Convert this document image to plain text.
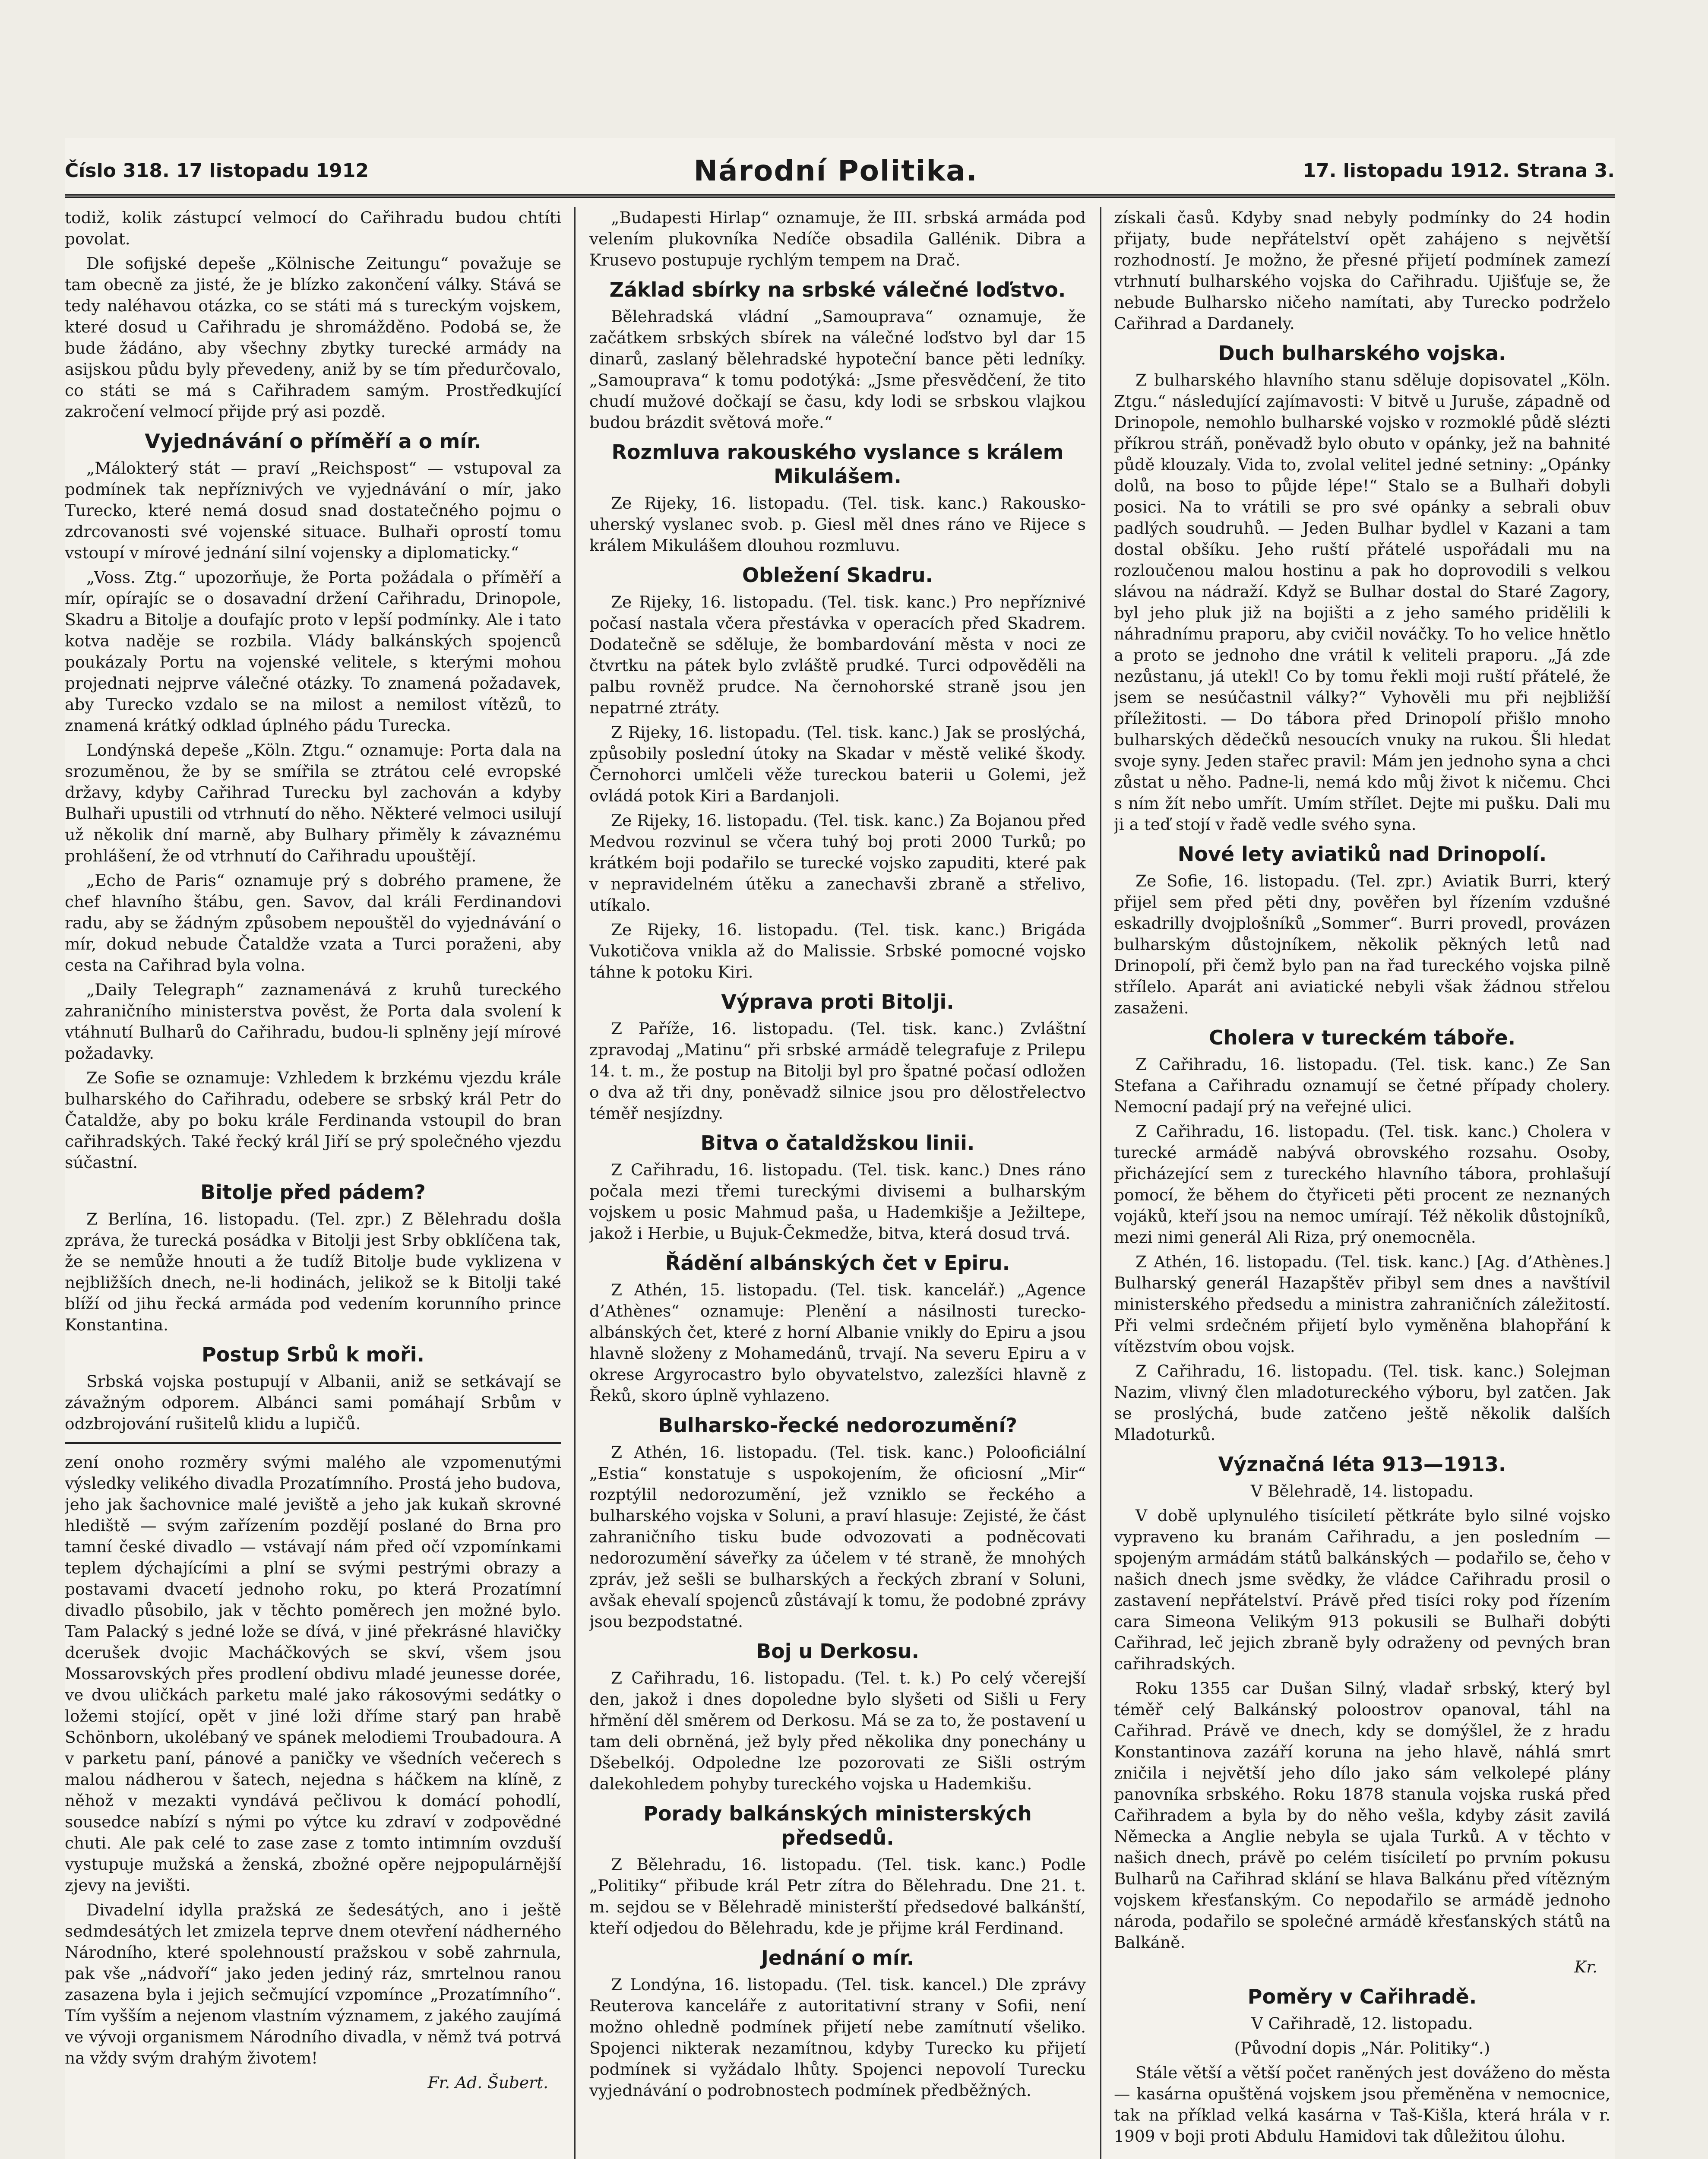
Číslo 318. 17 listopadu 1912	Národní Politika.	17. listopadu 1912. Strana 3.

todiž, kolik zástupcí velmocí do Cařihradu budou chtíti povolat.

Dle sofijské depeše „Kölnische Zeitungu“ považuje se tam obecně za jisté, že je blízko zakončení války. Stává se tedy naléhavou otázka, co se státi má s tureckým vojskem, které dosud u Cařihradu je shromážděno. Podobá se, že bude žádáno, aby všechny zbytky turecké armády na asijskou půdu byly převedeny, aniž by se tím předurčovalo, co státi se má s Cařihradem samým. Prostředkující zakročení velmocí přijde prý asi pozdě.

Vyjednávání o příměří a o mír.

„Málokterý stát — praví „Reichspost“ — vstupoval za podmínek tak nepříznivých ve vyjednávání o mír, jako Turecko, které nemá dosud snad dostatečného pojmu o zdrcovanosti své vojenské situace. Bulhaři oprostí tomu vstoupí v mírové jednání silní vojensky a diplomaticky.“

„Voss. Ztg.“ upozorňuje, že Porta požádala o příměří a mír, opírajíc se o dosavadní držení Cařihradu, Drinopole, Skadru a Bitolje a doufajíc proto v lepší podmínky. Ale i tato kotva naděje se rozbila. Vlády balkánských spojenců poukázaly Portu na vojenské velitele, s kterými mohou projednati nejprve válečné otázky. To znamená požadavek, aby Turecko vzdalo se na milost a nemilost vítězů, to znamená krátký odklad úplného pádu Turecka.

Londýnská depeše „Köln. Ztgu.“ oznamuje: Porta dala na srozuměnou, že by se smířila se ztrátou celé evropské državy, kdyby Cařihrad Turecku byl zachován a kdyby Bulhaři upustili od vtrhnutí do něho. Některé velmoci usilují už několik dní marně, aby Bulhary přiměly k závaznému prohlášení, že od vtrhnutí do Cařihradu upouštějí.

„Echo de Paris“ oznamuje prý s dobrého pramene, že chef hlavního štábu, gen. Savov, dal králi Ferdinandovi radu, aby se žádným způsobem nepouštěl do vyjednávání o mír, dokud nebude Čataldže vzata a Turci poraženi, aby cesta na Cařihrad byla volna.

„Daily Telegraph“ zaznamenává z kruhů tureckého zahraničního ministerstva pověst, že Porta dala svolení k vtáhnutí Bulharů do Cařihradu, budou-li splněny její mírové požadavky.

Ze Sofie se oznamuje: Vzhledem k brzkému vjezdu krále bulharského do Cařihradu, odebere se srbský král Petr do Čataldže, aby po boku krále Ferdinanda vstoupil do bran cařihradských. Také řecký král Jiří se prý společného vjezdu súčastní.

Bitolje před pádem?

Z Berlína, 16. listopadu. (Tel. zpr.) Z Bělehradu došla zpráva, že turecká posádka v Bitolji jest Srby obklíčena tak, že se nemůže hnouti a že tudíž Bitolje bude vyklizena v nejbližších dnech, ne-li hodinách, jelikož se k Bitolji také blíží od jihu řecká armáda pod vedením korunního prince Konstantina.

Postup Srbů k moři.

Srbská vojska postupují v Albanii, aniž se setkávají se závažným odporem. Albánci sami pomáhají Srbům v odzbrojování rušitelů klidu a lupičů.

zení onoho rozměry svými malého ale vzpomenutými výsledky velikého divadla Prozatímního. Prostá jeho budova, jeho jak šachovnice malé jeviště a jeho jak kukaň skrovné hlediště — svým zařízením pozdějí poslané do Brna pro tamní české divadlo — vstávají nám před očí vzpomínkami teplem dýchajícími a plní se svými pestrými obrazy a postavami dvacetí jednoho roku, po která Prozatímní divadlo působilo, jak v těchto poměrech jen možné bylo. Tam Palacký s jedné lože se dívá, v jiné překrásné hlavičky dcerušek dvojic Macháčkových se skví, všem jsou Mossarovských přes prodlení obdivu mladé jeunesse dorée, ve dvou uličkách parketu malé jako rákosovými sedátky o ložemi stojící, opět v jiné loži dříme starý pan hrabě Schönborn, ukolébaný ve spánek melodiemi Troubadoura. A v parketu paní, pánové a paničky ve všedních večerech s malou nádherou v šatech, nejedna s háčkem na klíně, z něhož v mezakti vyndává pečlivou k domácí pohodlí, sousedce nabízí s nými po výtce ku zdraví v zodpovědné chuti. Ale pak celé to zase zase z tomto intimním ovzduší vystupuje mužská a ženská, zbožné opěre nejpopulárnější zjevy na jevišti.

Divadelní idylla pražská ze šedesátých, ano i ještě sedmdesátých let zmizela teprve dnem otevření nádherného Národního, které spolehnoustí pražskou v sobě zahrnula, pak vše „nádvoří“ jako jeden jediný ráz, smrtelnou ranou zasazena byla i jejich sečmující vzpomínce „Prozatímního“. Tím vyšším a nejenom vlastním významem, z jakého zaujímá ve vývoji organismem Národního divadla, v němž tvá potrvá na vždy svým drahým životem!

Fr. Ad. Šubert.

„Budapesti Hirlap“ oznamuje, že III. srbská armáda pod velením plukovníka Nedíče obsadila Gallénik. Dibra a Krusevo postupuje rychlým tempem na Drač.

Základ sbírky na srbské válečné loďstvo.

Bělehradská vládní „Samouprava“ oznamuje, že začátkem srbských sbírek na válečné loďstvo byl dar 15 dinarů, zaslaný bělehradské hypoteční bance pěti ledníky. „Samouprava“ k tomu podotýká: „Jsme přesvědčení, že tito chudí mužové dočkají se času, kdy lodi se srbskou vlajkou budou brázdit světová moře.“

Rozmluva rakouského vyslance s králem Mikulášem.

Ze Rijeky, 16. listopadu. (Tel. tisk. kanc.) Rakousko-uherský vyslanec svob. p. Giesl měl dnes ráno ve Rijece s králem Mikulášem dlouhou rozmluvu.

Obležení Skadru.

Ze Rijeky, 16. listopadu. (Tel. tisk. kanc.) Pro nepříznivé počasí nastala včera přestávka v operacích před Skadrem. Dodatečně se sděluje, že bombardování města v noci ze čtvrtku na pátek bylo zvláště prudké. Turci odpověděli na palbu rovněž prudce. Na černohorské straně jsou jen nepatrné ztráty.

Z Rijeky, 16. listopadu. (Tel. tisk. kanc.) Jak se proslýchá, způsobily poslední útoky na Skadar v městě veliké škody. Černohorci umlčeli věže tureckou baterii u Golemi, jež ovládá potok Kiri a Bardanjoli.

Ze Rijeky, 16. listopadu. (Tel. tisk. kanc.) Za Bojanou před Medvou rozvinul se včera tuhý boj proti 2000 Turků; po krátkém boji podařilo se turecké vojsko zapuditi, které pak v nepravidelném útěku a zanechavši zbraně a střelivo, utíkalo.

Ze Rijeky, 16. listopadu. (Tel. tisk. kanc.) Brigáda Vukotičova vnikla až do Malissie. Srbské pomocné vojsko táhne k potoku Kiri.

Výprava proti Bitolji.

Z Paříže, 16. listopadu. (Tel. tisk. kanc.) Zvláštní zpravodaj „Matinu“ při srbské armádě telegrafuje z Prilepu 14. t. m., že postup na Bitolji byl pro špatné počasí odložen o dva až tři dny, poněvadž silnice jsou pro dělostřelectvo téměř nesjízdny.

Bitva o čataldžskou linii.

Z Cařihradu, 16. listopadu. (Tel. tisk. kanc.) Dnes ráno počala mezi třemi tureckými divisemi a bulharským vojskem u posic Mahmud paša, u Hademkišje a Ježiltepe, jakož i Herbie, u Bujuk-Čekmedže, bitva, která dosud trvá.

Řádění albánských čet v Epiru.

Z Athén, 15. listopadu. (Tel. tisk. kancelář.) „Agence d’Athènes“ oznamuje: Plenění a násilnosti turecko-albánských čet, které z horní Albanie vnikly do Epiru a jsou hlavně složeny z Mohamedánů, trvají. Na severu Epiru a v okrese Argyrocastro bylo obyvatelstvo, zalezšíci hlavně z Řeků, skoro úplně vyhlazeno.

Bulharsko-řecké nedorozumění?

Z Athén, 16. listopadu. (Tel. tisk. kanc.) Polooficiální „Estia“ konstatuje s uspokojením, že oficiosní „Mir“ rozptýlil nedorozumění, jež vzniklo se řeckého a bulharského vojska v Soluni, a praví hlasuje: Zejisté, že část zahraničního tisku bude odvozovati a podněcovati nedorozumění sáveřky za účelem v té straně, že mnohých zpráv, jež sešli se bulharských a řeckých zbraní v Soluni, avšak ehevalí spojenců zůstávají k tomu, že podobné zprávy jsou bezpodstatné.

Boj u Derkosu.

Z Cařihradu, 16. listopadu. (Tel. t. k.) Po celý včerejší den, jakož i dnes dopoledne bylo slyšeti od Sišli u Fery hřmění děl směrem od Derkosu. Má se za to, že postavení u tam deli obrněná, jež byly před několika dny ponechány u Dšebelkój. Odpoledne lze pozorovati ze Sišli ostrým dalekohledem pohyby tureckého vojska u Hademkišu.

Porady balkánských ministerských předsedů.

Z Bělehradu, 16. listopadu. (Tel. tisk. kanc.) Podle „Politiky“ přibude král Petr zítra do Bělehradu. Dne 21. t. m. sejdou se v Bělehradě ministerští předsedové balkánští, kteří odjedou do Bělehradu, kde je přijme král Ferdinand.

Jednání o mír.

Z Londýna, 16. listopadu. (Tel. tisk. kancel.) Dle zprávy Reuterova kanceláře z autoritativní strany v Sofii, není možno ohledně podmínek přijetí nebe zamítnutí všeliko. Spojenci nikterak nezamítnou, kdyby Turecko ku přijetí podmínek si vyžádalo lhůty. Spojenci nepovolí Turecku vyjednávání o podrobnostech podmínek předběžných.

získali časů. Kdyby snad nebyly podmínky do 24 hodin přijaty, bude nepřátelství opět zahájeno s největší rozhodností. Je možno, že přesné přijetí podmínek zamezí vtrhnutí bulharského vojska do Cařihradu. Ujišťuje se, že nebude Bulharsko ničeho namítati, aby Turecko podrželo Cařihrad a Dardanely.

Duch bulharského vojska.

Z bulharského hlavního stanu sděluje dopisovatel „Köln. Ztgu.“ následující zajímavosti: V bitvě u Juruše, západně od Drinopole, nemohlo bulharské vojsko v rozmoklé půdě slézti příkrou stráň, poněvadž bylo obuto v opánky, jež na bahnité půdě klouzaly. Vida to, zvolal velitel jedné setniny: „Opánky dolů, na boso to půjde lépe!“ Stalo se a Bulhaři dobyli posici. Na to vrátili se pro své opánky a sebrali obuv padlých soudruhů. — Jeden Bulhar bydlel v Kazani a tam dostal obšíku. Jeho ruští přátelé uspořádali mu na rozloučenou malou hostinu a pak ho doprovodili s velkou slávou na nádraží. Když se Bulhar dostal do Staré Zagory, byl jeho pluk již na bojišti a z jeho samého pridělili k náhradnímu praporu, aby cvičil nováčky. To ho velice hnětlo a proto se jednoho dne vrátil k veliteli praporu. „Já zde nezůstanu, já utekl! Co by tomu řekli moji ruští přátelé, že jsem se nesúčastnil války?“ Vyhověli mu při nejbližší příležitosti. — Do tábora před Drinopolí přišlo mnoho bulharských dědečků nesoucích vnuky na rukou. Šli hledat svoje syny. Jeden stařec pravil: Mám jen jednoho syna a chci zůstat u něho. Padne-li, nemá kdo můj život k ničemu. Chci s ním žít nebo umřít. Umím střílet. Dejte mi pušku. Dali mu ji a teď stojí v řadě vedle svého syna.

Nové lety aviatiků nad Drinopolí.

Ze Sofie, 16. listopadu. (Tel. zpr.) Aviatik Burri, který přijel sem před pěti dny, pověřen byl řízením vzdušné eskadrilly dvojplošníků „Sommer“. Burri provedl, provázen bulharským důstojníkem, několik pěkných letů nad Drinopolí, při čemž bylo pan na řad tureckého vojska pilně střílelo. Aparát ani aviatické nebyli však žádnou střelou zasaženi.

Cholera v tureckém táboře.

Z Cařihradu, 16. listopadu. (Tel. tisk. kanc.) Ze San Stefana a Cařihradu oznamují se četné případy cholery. Nemocní padají prý na veřejné ulici.

Z Cařihradu, 16. listopadu. (Tel. tisk. kanc.) Cholera v turecké armádě nabývá obrovského rozsahu. Osoby, přicházející sem z tureckého hlavního tábora, prohlašují pomocí, že během do čtyřiceti pěti procent ze neznaných vojáků, kteří jsou na nemoc umírají. Též několik důstojníků, mezi nimi generál Ali Riza, prý onemocněla.

Z Athén, 16. listopadu. (Tel. tisk. kanc.) [Ag. d’Athènes.] Bulharský generál Hazapštěv přibyl sem dnes a navštívil ministerského předsedu a ministra zahraničních záležitostí. Při velmi srdečném přijetí bylo vyměněna blahopřání k vítězstvím obou vojsk.

Z Cařihradu, 16. listopadu. (Tel. tisk. kanc.) Solejman Nazim, vlivný člen mladotureckého výboru, byl zatčen. Jak se proslýchá, bude zatčeno ještě několik dalších Mladoturků.

Význačná léta 913—1913.

V Bělehradě, 14. listopadu.

V době uplynulého tisíciletí pětkráte bylo silné vojsko vypraveno ku branám Cařihradu, a jen posledním — spojeným armádám států balkánských — podařilo se, čeho v našich dnech jsme svědky, že vládce Cařihradu prosil o zastavení nepřátelství. Právě před tisíci roky pod řízením cara Simeona Velikým 913 pokusili se Bulhaři dobýti Cařihrad, leč jejich zbraně byly odraženy od pevných bran cařihradských.

Roku 1355 car Dušan Silný, vladař srbský, který byl téměř celý Balkánský poloostrov opanoval, táhl na Cařihrad. Právě ve dnech, kdy se domýšlel, že z hradu Konstantinova zazáří koruna na jeho hlavě, náhlá smrt zničila i největší jeho dílo jako sám velkolepé plány panovníka srbského. Roku 1878 stanula vojska ruská před Cařihradem a byla by do něho vešla, kdyby zásit zavilá Německa a Anglie nebyla se ujala Turků. A v těchto v našich dnech, právě po celém tisíciletí po prvním pokusu Bulharů na Cařihrad sklání se hlava Balkánu před vítězným vojskem křesťanským. Co nepodařilo se armádě jednoho národa, podařilo se společné armádě křesťanských států na Balkáně.

Kr.
Poměry v Cařihradě.

V Cařihradě, 12. listopadu.

(Původní dopis „Nár. Politiky“.)

Stále větší a větší počet raněných jest dováženo do města — kasárna opuštěná vojskem jsou přeměněna v nemocnice, tak na příklad velká kasárna v Taš-Kišla, která hrála v r. 1909 v boji proti Abdulu Hamidovi tak důležitou úlohu.
